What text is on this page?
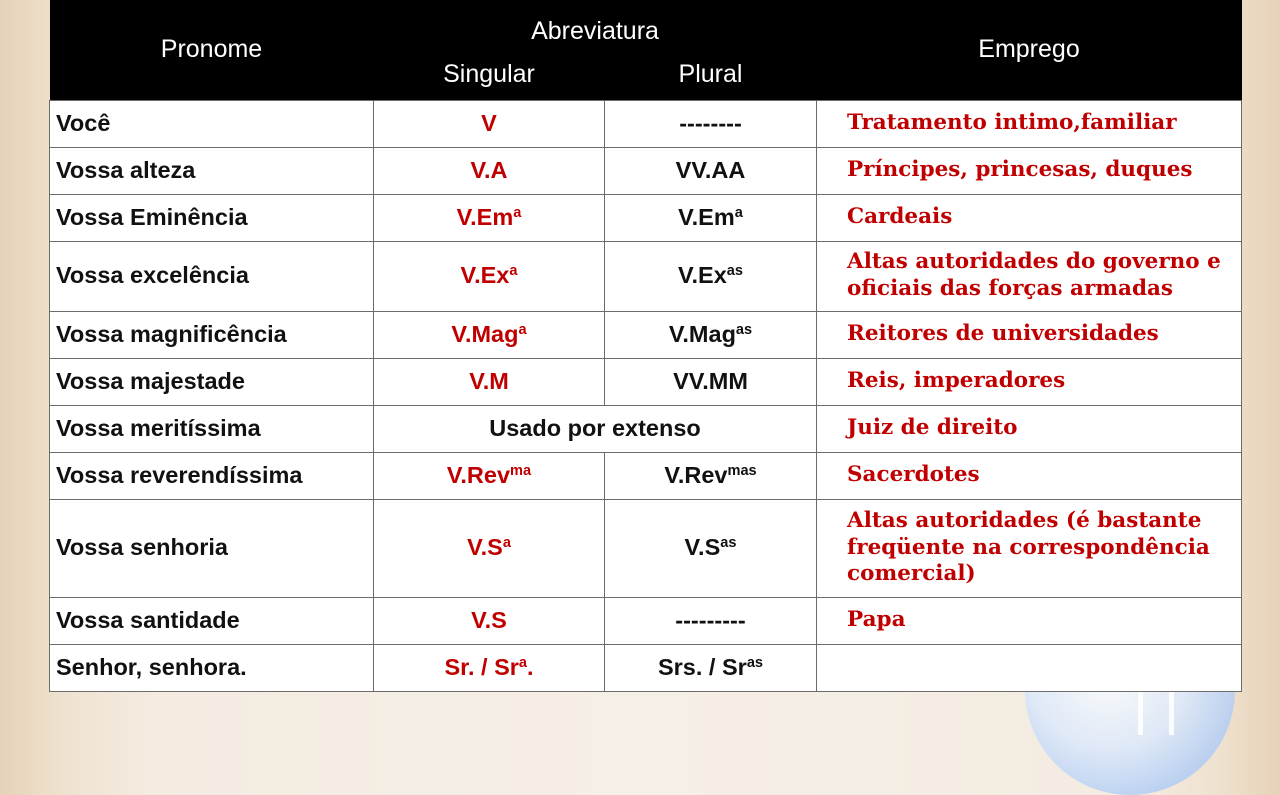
Pronome	Abreviatura		Emprego
	Singular	Plural	
Você	V	--------	Tratamento intimo,familiar
Vossa alteza	V.A	VV.AA	Príncipes, princesas, duques
Vossa Eminência	V.Em$^a$	V.Em$^a$	Cardeais
Vossa excelência	V.Ex$^a$	$V.Ex^{as}$	Altas autoridades do governo e oficiais das forças armadas
Vossa magnificência	V.Mag$^a$	V.Mag$^{as}$	Reitores de universidades
Vossa majestade	V.M	VV.MM	Reis, imperadores
Vossa meritíssima	Usado por extenso		Juiz de direito
Vossa reverendíssima	V.Rev$^{ma}$	V.Rev$^{mas}$	Sacerdotes
Vossa senhoria	$V.S^a$	$V.S^{as}$	Altas autoridades (é bastante freqüente na correspondência comercial)
Vossa santidade	V.S	---------	Papa
Senhor, senhora.	Sr. / Sr$^a$.	Srs. / $Sr^{as}$	
